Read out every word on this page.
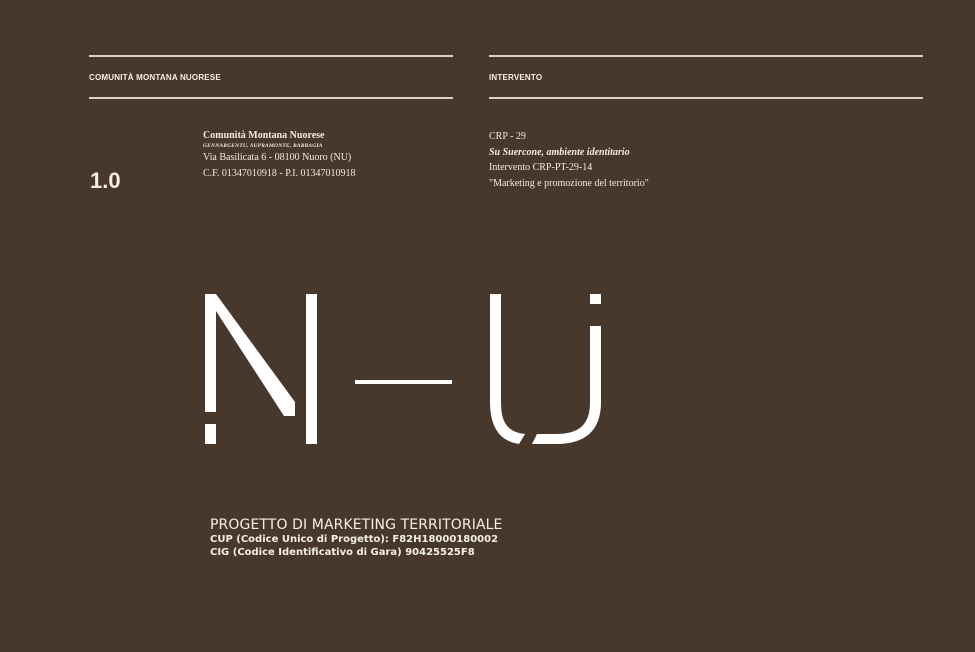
COMUNITÀ MONTANA NUORESE	INTERVENTO
1.0
Comunità Montana Nuorese
GENNARGENTU, SUPRAMONTE, BARBAGIA
Via Basilicata 6 - 08100 Nuoro (NU)
C.F. 01347010918 - P.I. 01347010918
CRP - 29
Su Suercone, ambiente identitario
Intervento CRP-PT-29-14
"Marketing e promozione del territorio"
PROGETTO DI MARKETING TERRITORIALE
CUP (Codice Unico di Progetto): F82H18000180002
CIG (Codice Identificativo di Gara) 90425525F8
